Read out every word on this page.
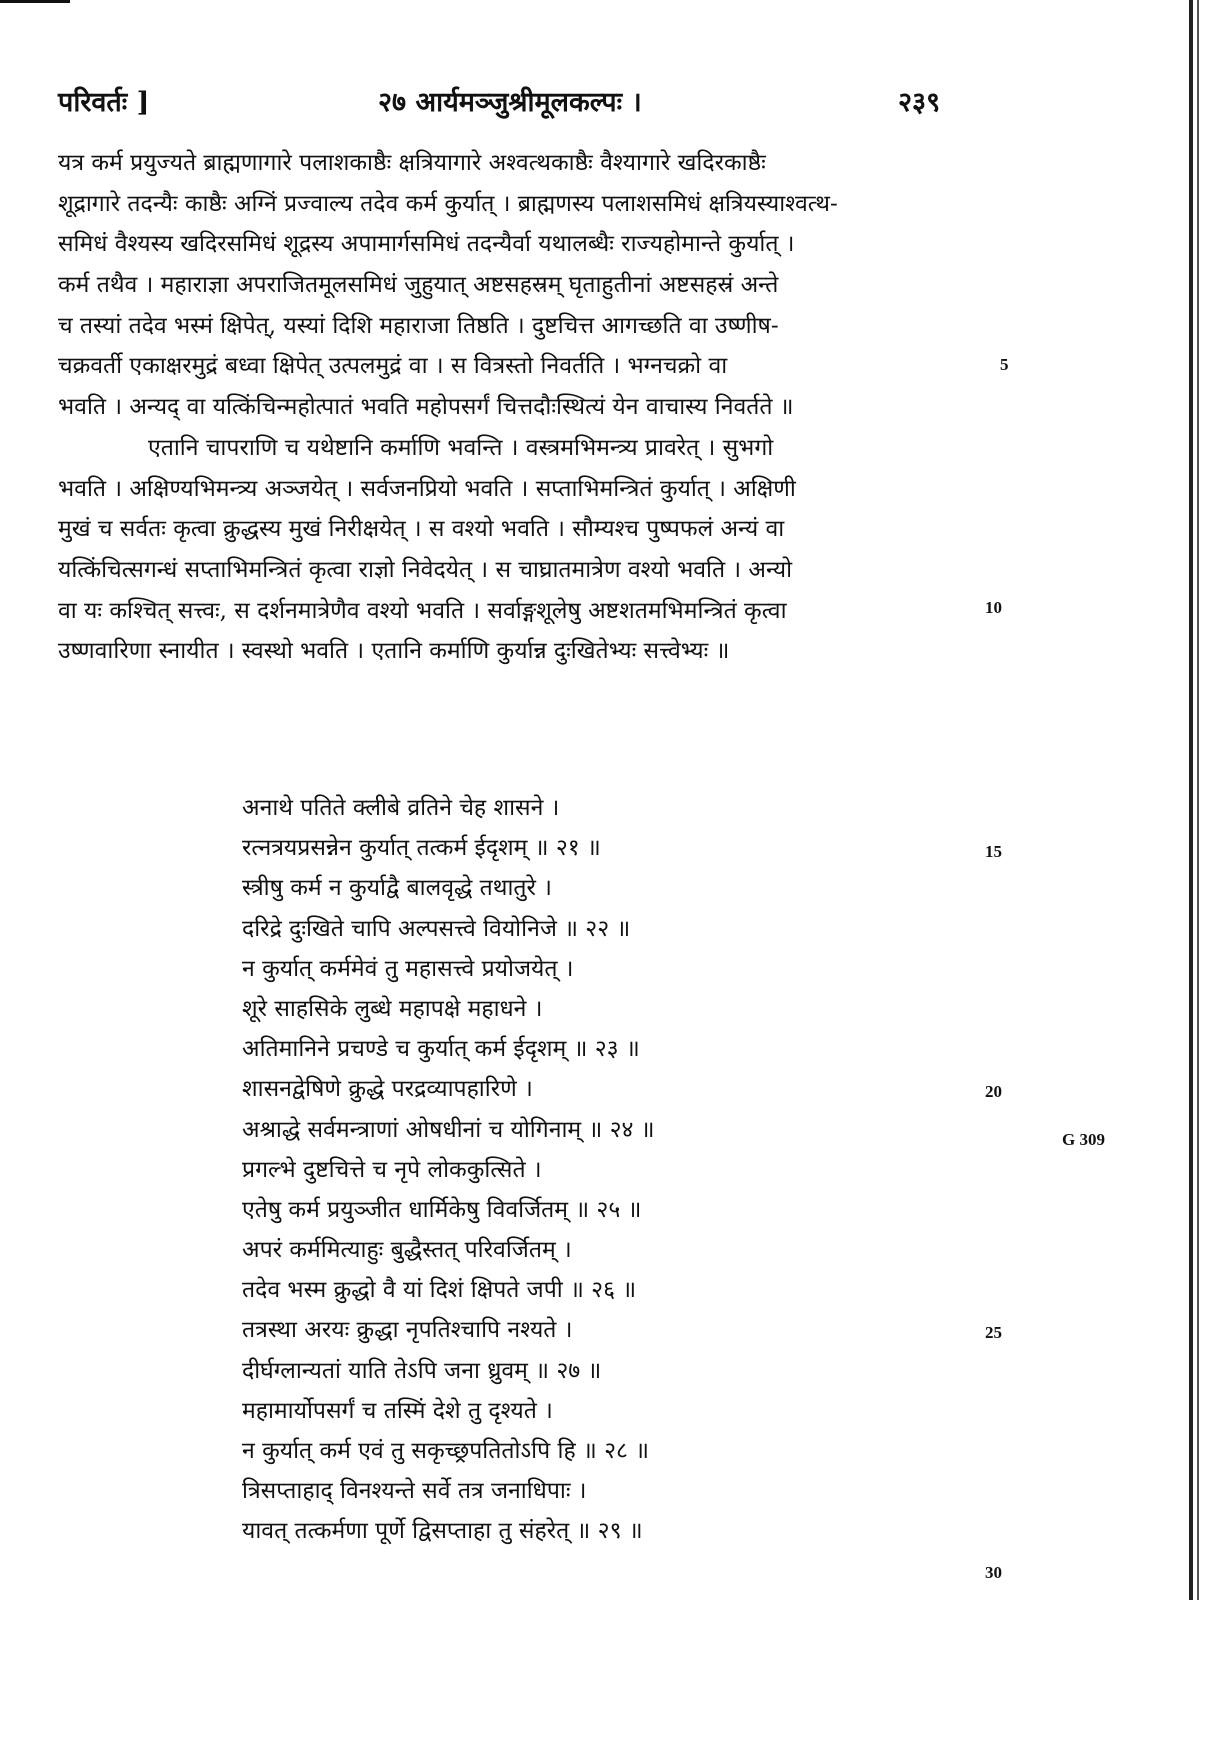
परिवर्तः ]	२७ आर्यमञ्जुश्रीमूलकल्पः ।	२३९
यत्र कर्म प्रयुज्यते ब्राह्मणागारे पलाशकाष्ठैः क्षत्रियागारे अश्वत्थकाष्ठैः वैश्यागारे खदिरकाष्ठैः
शूद्रागारे तदन्यैः काष्ठैः अग्निं प्रज्वाल्य तदेव कर्म कुर्यात् । ब्राह्मणस्य पलाशसमिधं क्षत्रियस्याश्वत्थ-
समिधं वैश्यस्य खदिरसमिधं शूद्रस्य अपामार्गसमिधं तदन्यैर्वा यथालब्धैः राज्यहोमान्ते कुर्यात् ।
कर्म तथैव । महाराज्ञा अपराजितमूलसमिधं जुहुयात् अष्टसहस्रम् घृताहुतीनां अष्टसहस्रं अन्ते
च तस्यां तदेव भस्मं क्षिपेत्, यस्यां दिशि महाराजा तिष्ठति । दुष्टचित्त आगच्छति वा उष्णीष-
चक्रवर्ती एकाक्षरमुद्रं बध्वा क्षिपेत् उत्पलमुद्रं वा । स वित्रस्तो निवर्तति । भग्नचक्रो वा
भवति । अन्यद् वा यत्किंचिन्महोत्पातं भवति महोपसर्गं चित्तदौःस्थित्यं येन वाचास्य निवर्तते ॥
एतानि चापराणि च यथेष्टानि कर्माणि भवन्ति । वस्त्रमभिमन्त्र्य प्रावरेत् । सुभगो
भवति । अक्षिण्यभिमन्त्र्य अञ्जयेत् । सर्वजनप्रियो भवति । सप्ताभिमन्त्रितं कुर्यात् । अक्षिणी
मुखं च सर्वतः कृत्वा क्रुद्धस्य मुखं निरीक्षयेत् । स वश्यो भवति । सौम्यश्च पुष्पफलं अन्यं वा
यत्किंचित्सगन्धं सप्ताभिमन्त्रितं कृत्वा राज्ञो निवेदयेत् । स चाघ्रातमात्रेण वश्यो भवति । अन्यो
वा यः कश्चित् सत्त्वः, स दर्शनमात्रेणैव वश्यो भवति । सर्वाङ्गशूलेषु अष्टशतमभिमन्त्रितं कृत्वा
उष्णवारिणा स्नायीत । स्वस्थो भवति । एतानि कर्माणि कुर्यान्न दुःखितेभ्यः सत्त्वेभ्यः ॥
अनाथे पतिते क्लीबे व्रतिने चेह शासने ।
रत्नत्रयप्रसन्नेन कुर्यात् तत्कर्म ईदृशम् ॥ २१ ॥
स्त्रीषु कर्म न कुर्याद्वै बालवृद्धे तथातुरे ।
दरिद्रे दुःखिते चापि अल्पसत्त्वे वियोनिजे ॥ २२ ॥
न कुर्यात् कर्ममेवं तु महासत्त्वे प्रयोजयेत् ।
शूरे साहसिके लुब्धे महापक्षे महाधने ।
अतिमानिने प्रचण्डे च कुर्यात् कर्म ईदृशम् ॥ २३ ॥
शासनद्वेषिणे क्रुद्धे परद्रव्यापहारिणे ।
अश्राद्धे सर्वमन्त्राणां ओषधीनां च योगिनाम् ॥ २४ ॥
प्रगल्भे दुष्टचित्ते च नृपे लोककुत्सिते ।
एतेषु कर्म प्रयुञ्जीत धार्मिकेषु विवर्जितम् ॥ २५ ॥
अपरं कर्ममित्याहुः बुद्धैस्तत् परिवर्जितम् ।
तदेव भस्म क्रुद्धो वै यां दिशं क्षिपते जपी ॥ २६ ॥
तत्रस्था अरयः क्रुद्धा नृपतिश्चापि नश्यते ।
दीर्घग्लान्यतां याति तेऽपि जना ध्रुवम् ॥ २७ ॥
महामार्योपसर्गं च तस्मिं देशे तु दृश्यते ।
न कुर्यात् कर्म एवं तु सकृच्छ्रपतितोऽपि हि ॥ २८ ॥
त्रिसप्ताहाद् विनश्यन्ते सर्वे तत्र जनाधिपाः ।
यावत् तत्कर्मणा पूर्णे द्विसप्ताहा तु संहरेत् ॥ २९ ॥
5
10
15
20
G 309
25
30
